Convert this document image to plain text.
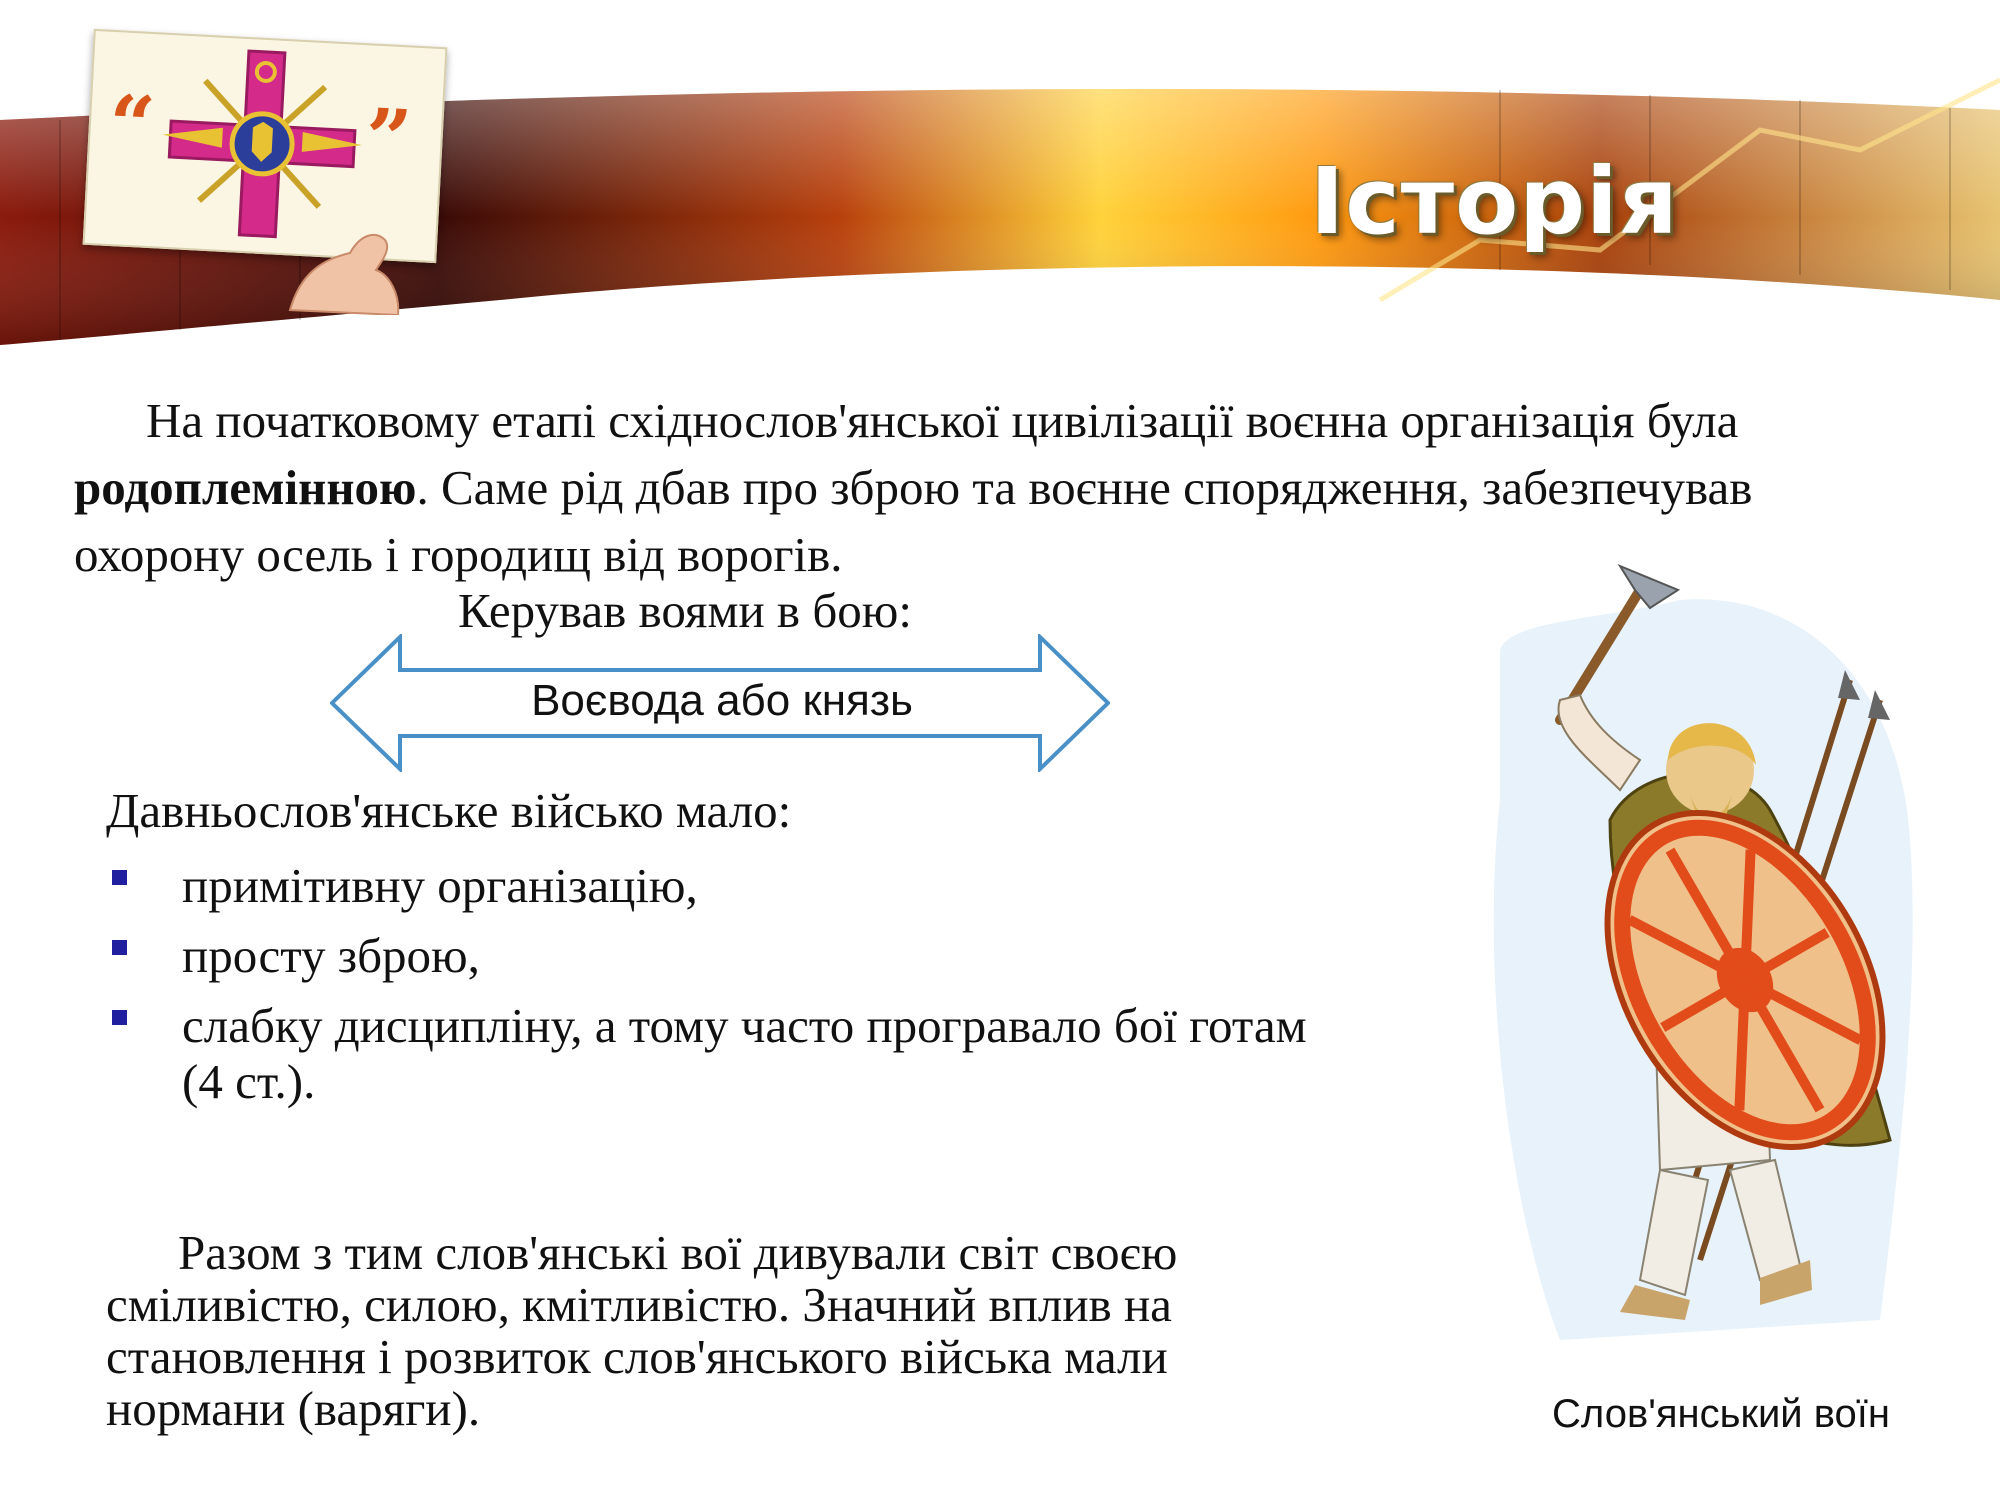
“	”
Історія

На початковому етапі східнослов'янської цивілізації воєнна організація була родоплемінною. Саме рід дбав про зброю та воєнне спорядження, забезпечував охорону осель і городищ від ворогів.

Керував воями в бою:
Воєвода або князь
Давньослов'янське військо мало:
примітивну організацію,
просту зброю,
слабку дисципліну, а тому часто програвало бої готам (4 ст.).

Разом з тим слов'янські вої дивували світ своєю сміливістю, силою, кмітливістю. Значний вплив на становлення і розвиток слов'янського війська мали нормани (варяги).	Слов'янський воїн
